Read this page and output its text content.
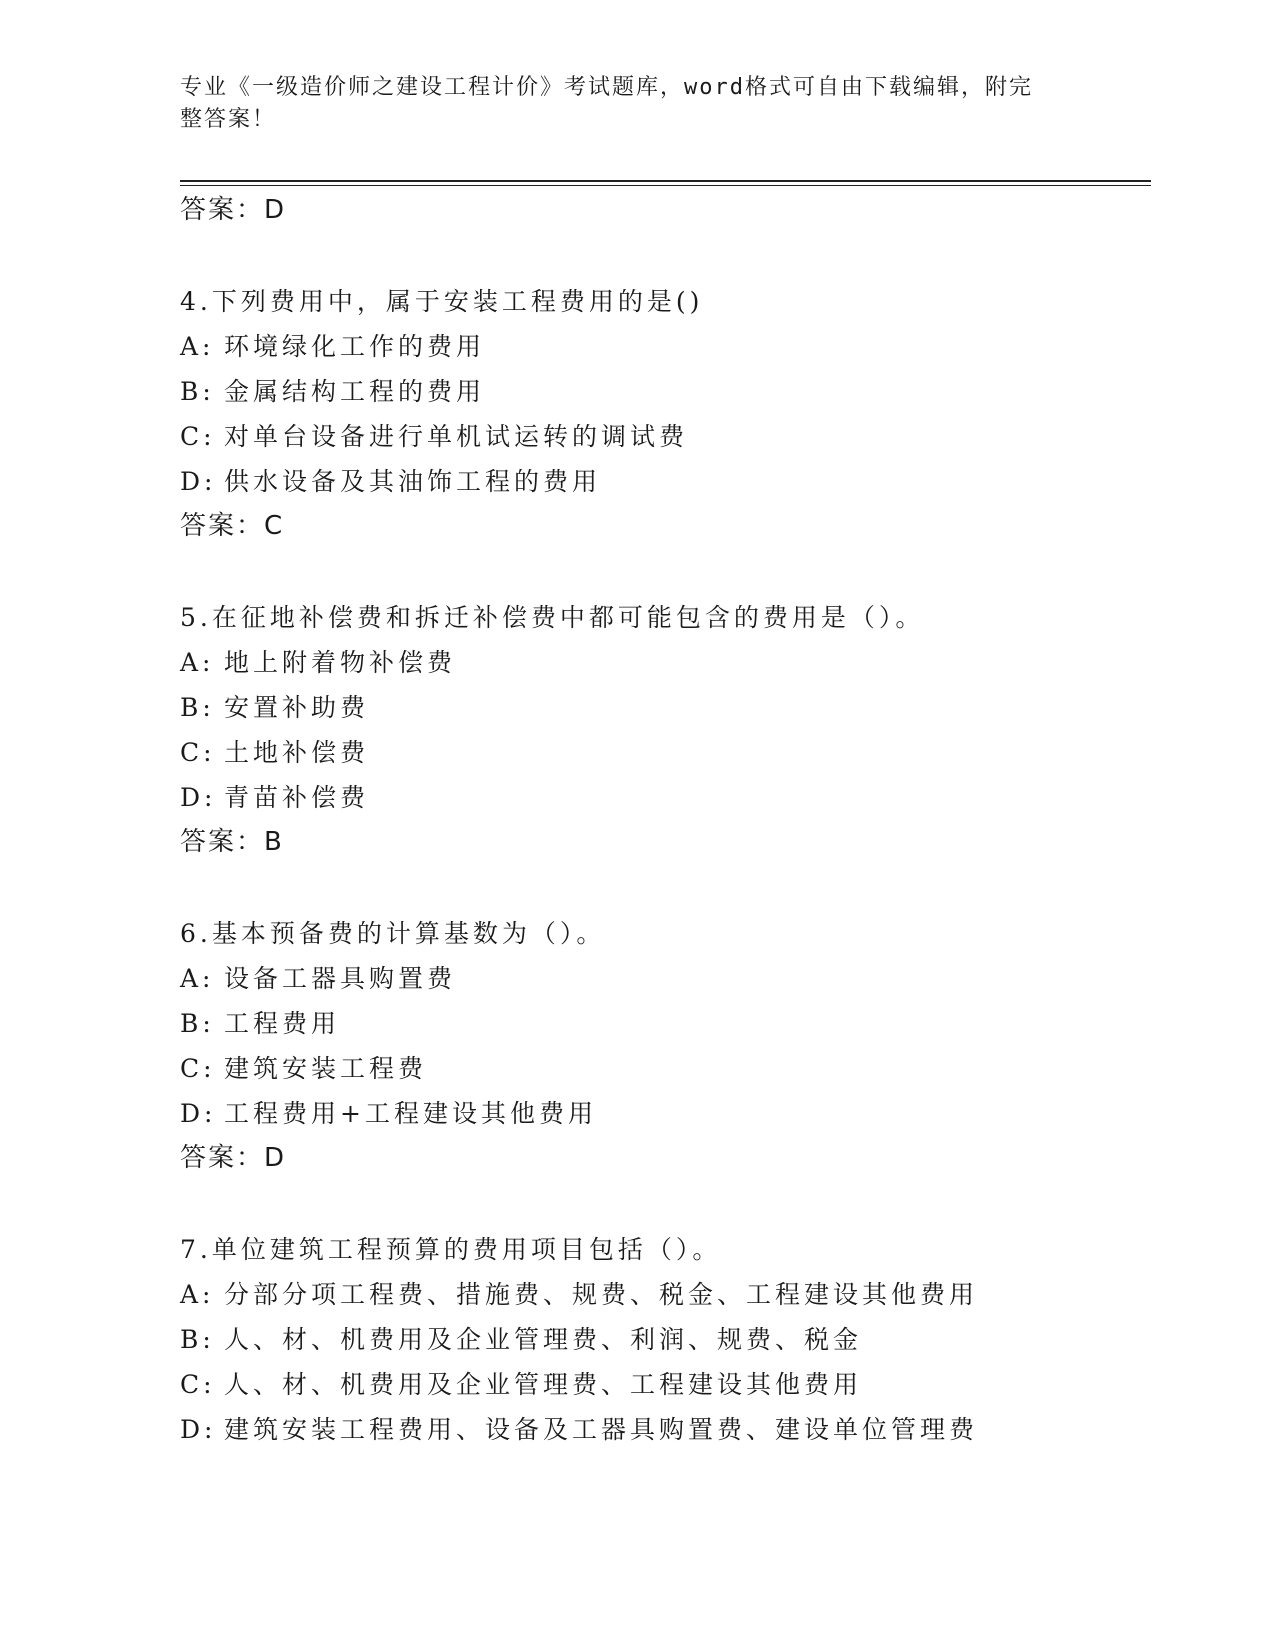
专业《一级造价师之建设工程计价》考试题库，word格式可自由下载编辑，附完
整答案！
答案：D
4.下列费用中，属于安装工程费用的是()
A: 环境绿化工作的费用
B: 金属结构工程的费用
C: 对单台设备进行单机试运转的调试费
D: 供水设备及其油饰工程的费用
答案：C
5.在征地补偿费和拆迁补偿费中都可能包含的费用是（）。
A: 地上附着物补偿费
B: 安置补助费
C: 土地补偿费
D: 青苗补偿费
答案：B
6.基本预备费的计算基数为（）。
A: 设备工器具购置费
B: 工程费用
C: 建筑安装工程费
D: 工程费用+工程建设其他费用
答案：D
7.单位建筑工程预算的费用项目包括（）。
A: 分部分项工程费、措施费、规费、税金、工程建设其他费用
B: 人、材、机费用及企业管理费、利润、规费、税金
C: 人、材、机费用及企业管理费、工程建设其他费用
D: 建筑安装工程费用、设备及工器具购置费、建设单位管理费
